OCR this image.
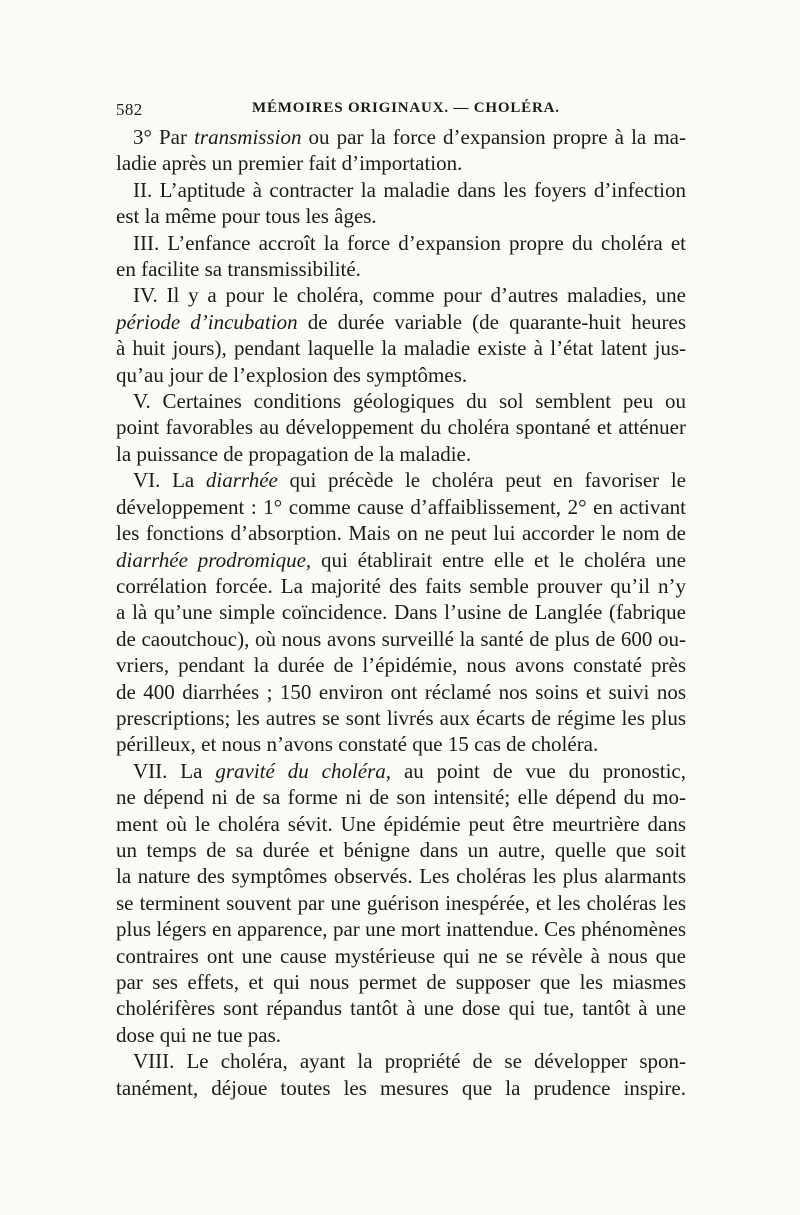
582	MÉMOIRES ORIGINAUX. — CHOLÉRA.
3° Par transmission ou par la force d’expansion propre à la ma-
ladie après un premier fait d’importation.
II. L’aptitude à contracter la maladie dans les foyers d’infection
est la même pour tous les âges.
III. L’enfance accroît la force d’expansion propre du choléra et
en facilite sa transmissibilité.
IV. Il y a pour le choléra, comme pour d’autres maladies, une
période d’incubation de durée variable (de quarante-huit heures
à huit jours), pendant laquelle la maladie existe à l’état latent jus-
qu’au jour de l’explosion des symptômes.
V. Certaines conditions géologiques du sol semblent peu ou
point favorables au développement du choléra spontané et atténuer
la puissance de propagation de la maladie.
VI. La diarrhée qui précède le choléra peut en favoriser le
développement : 1° comme cause d’affaiblissement, 2° en activant
les fonctions d’absorption. Mais on ne peut lui accorder le nom de
diarrhée prodromique, qui établirait entre elle et le choléra une
corrélation forcée. La majorité des faits semble prouver qu’il n’y
a là qu’une simple coïncidence. Dans l’usine de Langlée (fabrique
de caoutchouc), où nous avons surveillé la santé de plus de 600 ou-
vriers, pendant la durée de l’épidémie, nous avons constaté près
de 400 diarrhées ; 150 environ ont réclamé nos soins et suivi nos
prescriptions; les autres se sont livrés aux écarts de régime les plus
périlleux, et nous n’avons constaté que 15 cas de choléra.
VII. La gravité du choléra, au point de vue du pronostic,
ne dépend ni de sa forme ni de son intensité; elle dépend du mo-
ment où le choléra sévit. Une épidémie peut être meurtrière dans
un temps de sa durée et bénigne dans un autre, quelle que soit
la nature des symptômes observés. Les choléras les plus alarmants
se terminent souvent par une guérison inespérée, et les choléras les
plus légers en apparence, par une mort inattendue. Ces phénomènes
contraires ont une cause mystérieuse qui ne se révèle à nous que
par ses effets, et qui nous permet de supposer que les miasmes
cholérifères sont répandus tantôt à une dose qui tue, tantôt à une
dose qui ne tue pas.
VIII. Le choléra, ayant la propriété de se développer spon-
tanément, déjoue toutes les mesures que la prudence inspire.
